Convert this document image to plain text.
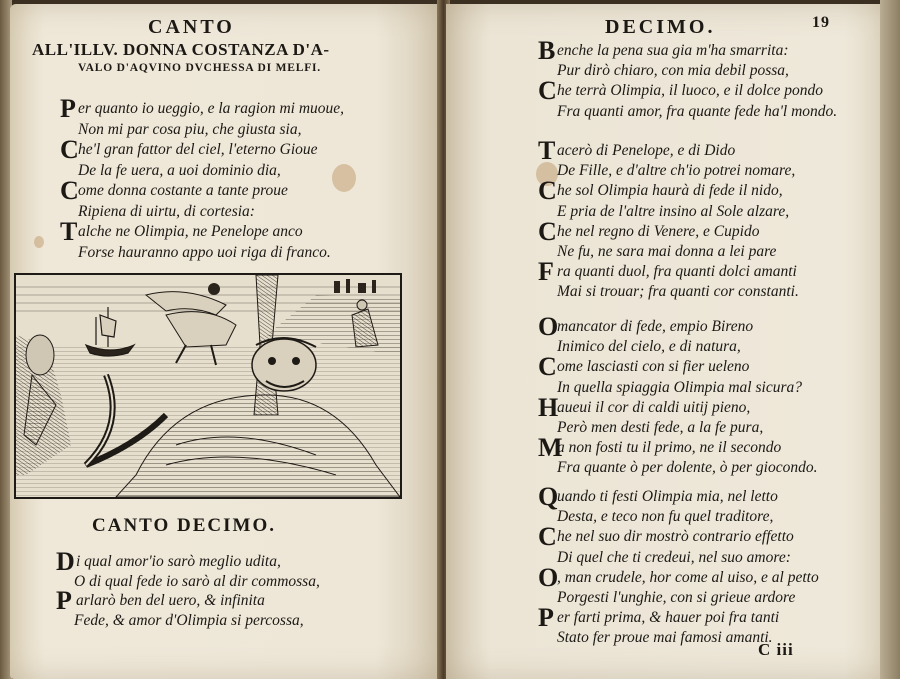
CANTO
ALL'ILLV. DONNA COSTANZA D'A-
VALO D'AQVINO DVCHESSA DI MELFI.
P er quanto io ueggio, e la ragion mi muoue,
Non mi par cosa piu, che giusta sia,
C he'l gran fattor del ciel, l'eterno Gioue
De la fe uera, a uoi dominio dia,
C ome donna costante a tante proue
Ripiena di uirtu, di cortesia:
T alche ne Olimpia, ne Penelope anco
Forse hauranno appo uoi riga di franco.
CANTO DECIMO.
D i qual amor'io sarò meglio udita,
O di qual fede io sarò al dir commossa,
P arlarò ben del uero, & infinita
Fede, & amor d'Olimpia si percossa,
DECIMO.	19
B enche la pena sua gia m'ha smarrita:
Pur dirò chiaro, con mia debil possa,
C he terrà Olimpia, il luoco, e il dolce pondo
Fra quanti amor, fra quante fede ha'l mondo.
T acerò di Penelope, e di Dido
De Fille, e d'altre ch'io potrei nomare,
C he sol Olimpia haurà di fede il nido,
E pria de l'altre insino al Sole alzare,
C he nel regno di Venere, e Cupido
Ne fu, ne sara mai donna a lei pare
F ra quanti duol, fra quanti dolci amanti
Mai si trouar; fra quanti cor constanti.
O
mancator di fede, empio Bireno
Inimico del cielo, e di natura,
C ome lasciasti con si fier ueleno
In quella spiaggia Olimpia mal sicura?
H
aueui il cor di caldi uitij pieno,
Però men desti fede, a la fe pura,
M
a non fosti tu il primo, ne il secondo
Fra quante ò per dolente, ò per giocondo.
Q
uando ti festi Olimpia mia, nel letto
Desta, e teco non fu quel traditore,
C he nel suo dir mostrò contrario effetto
Di quel che ti credeui, nel suo amore:
O
, man crudele, hor come al uiso, e al petto
Porgesti l'unghie, con si grieue ardore
P er farti prima, & hauer poi fra tanti
Stato fer proue mai famosi amanti.
C iii
